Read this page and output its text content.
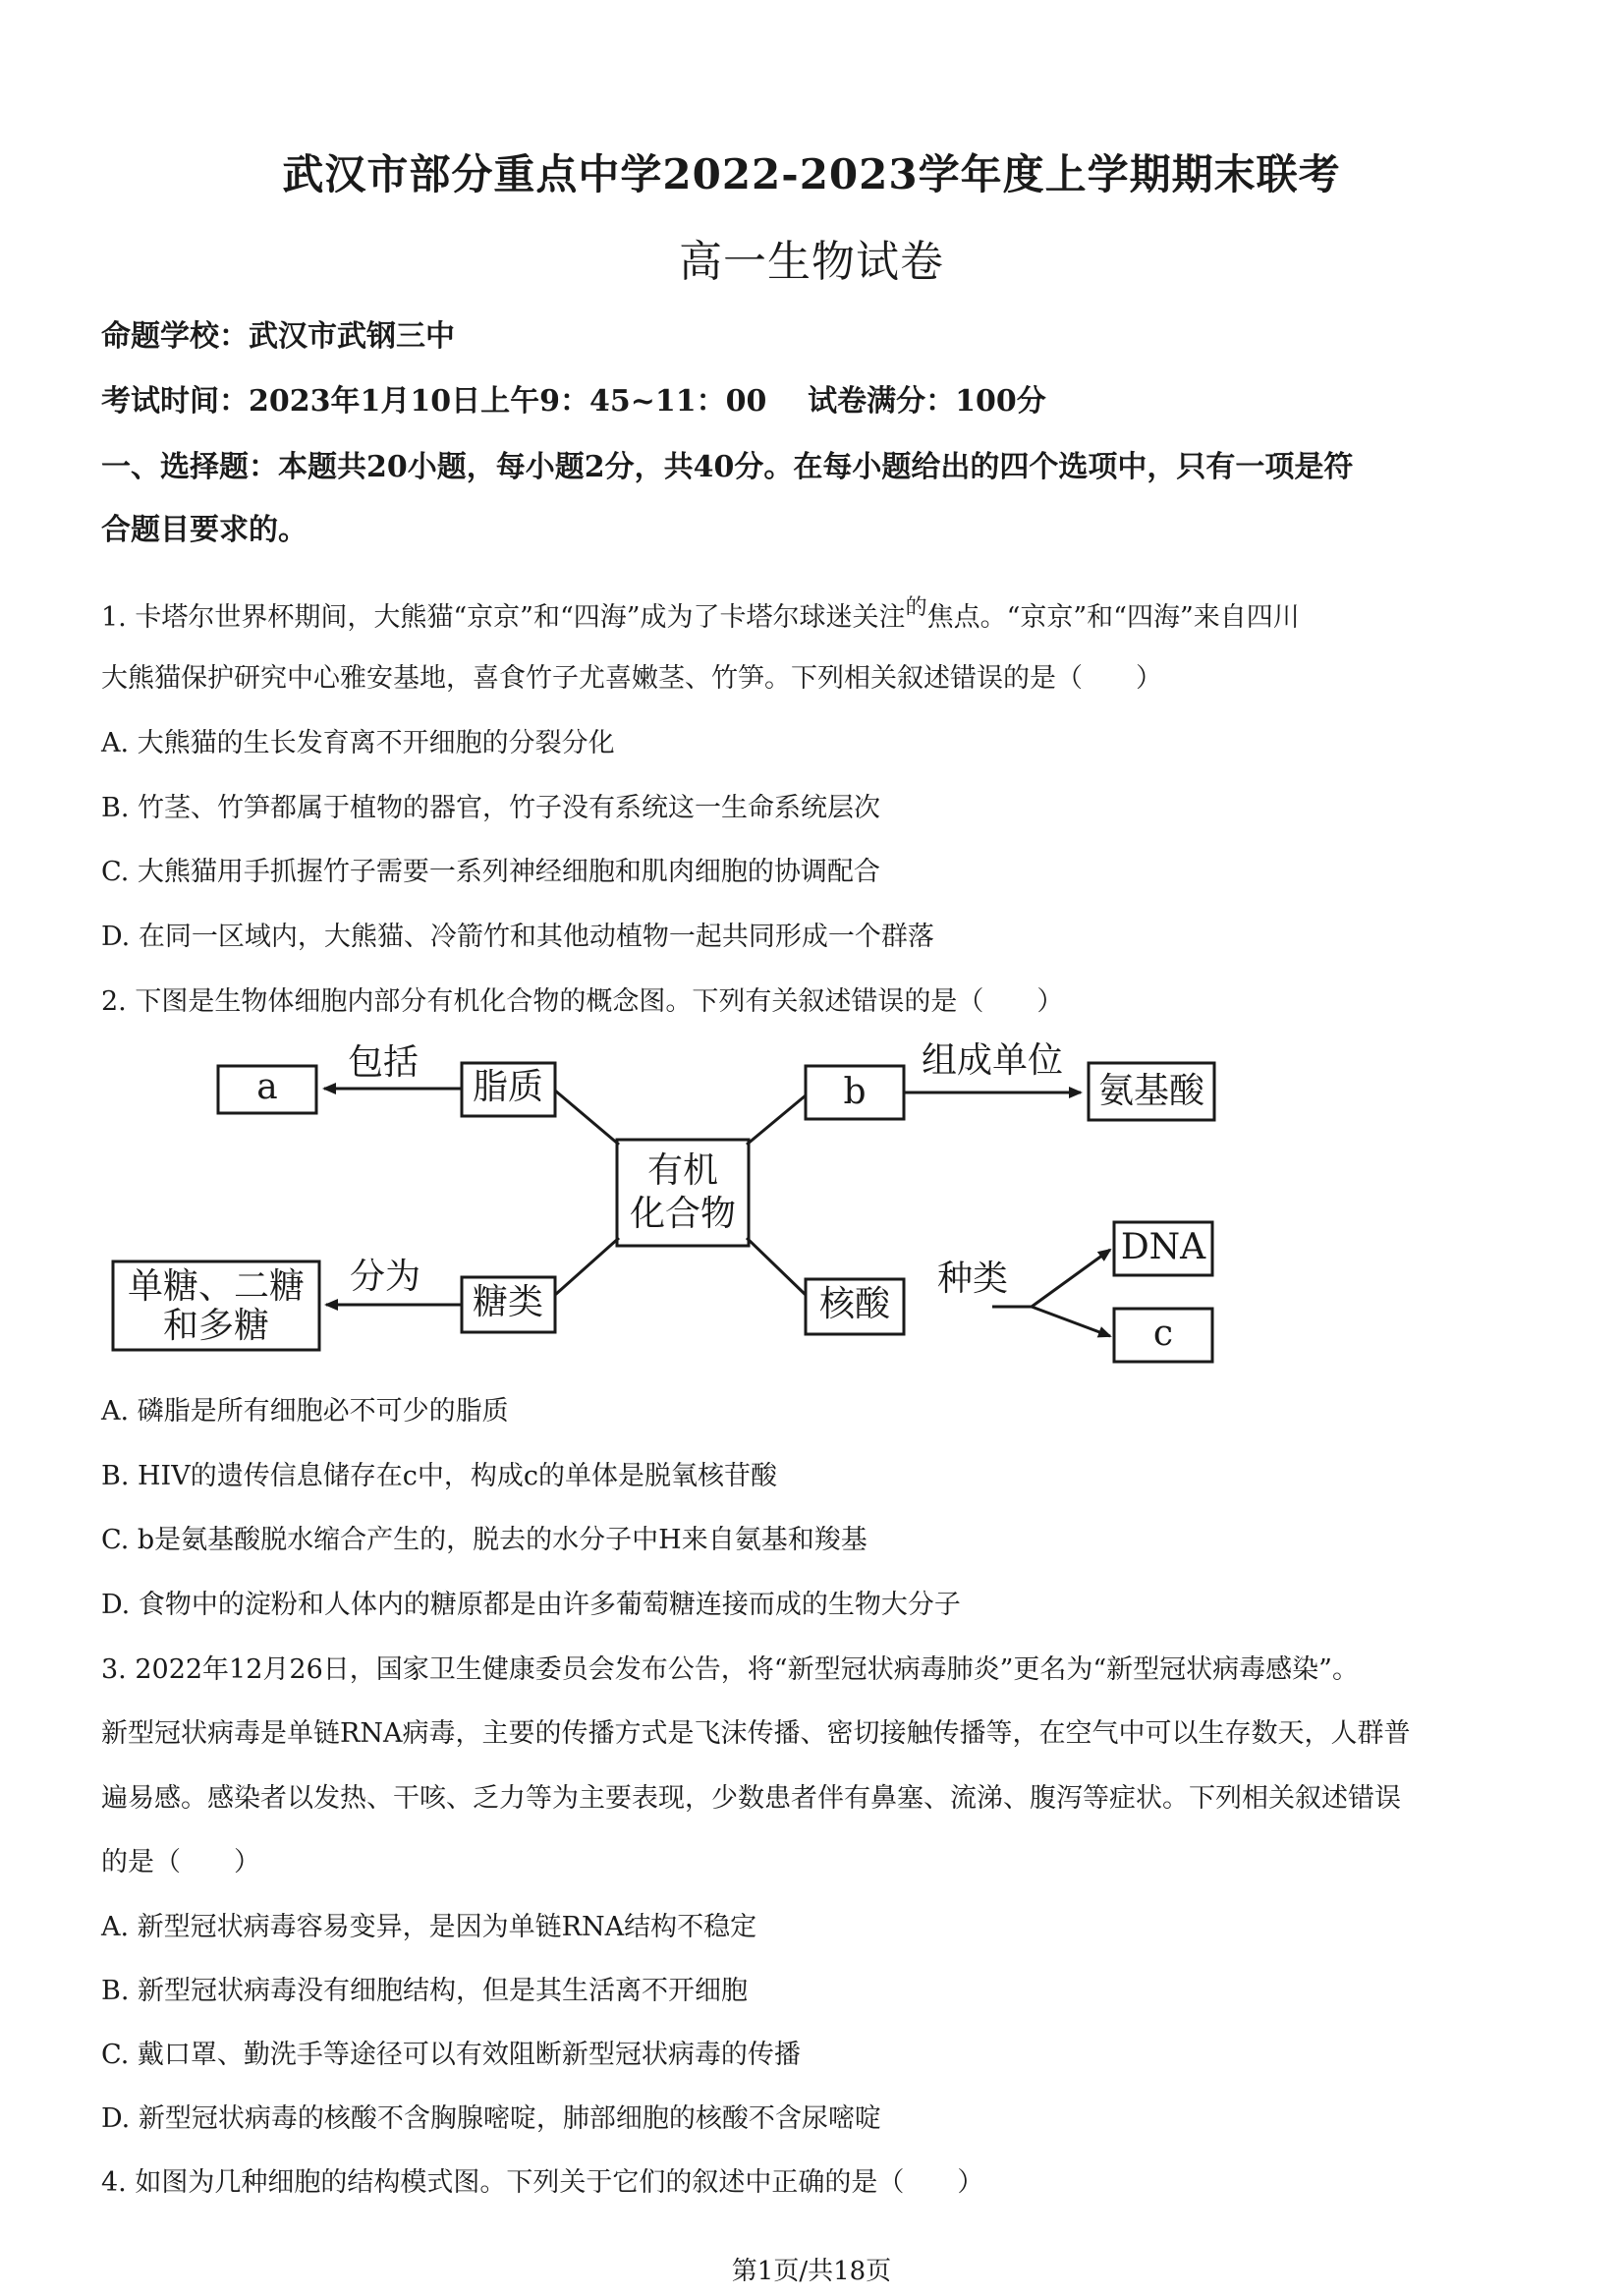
武汉市部分重点中学2022-2023学年度上学期期末联考
高一生物试卷
命题学校：武汉市武钢三中
考试时间：2023年1月10日上午9：45~11：00    试卷满分：100分
一、选择题：本题共20小题，每小题2分，共40分。在每小题给出的四个选项中，只有一项是符
合题目要求的。
1. 卡塔尔世界杯期间，大熊猫“京京”和“四海”成为了卡塔尔球迷关注$^的$焦点。“京京”和“四海”来自四川
大熊猫保护研究中心雅安基地，喜食竹子尤喜嫩茎、竹笋。下列相关叙述错误的是（　　）
A. 大熊猫的生长发育离不开细胞的分裂分化
B. 竹茎、竹笋都属于植物的器官，竹子没有系统这一生命系统层次
C. 大熊猫用手抓握竹子需要一系列神经细胞和肌肉细胞的协调配合
D. 在同一区域内，大熊猫、冷箭竹和其他动植物一起共同形成一个群落
2. 下图是生物体细胞内部分有机化合物的概念图。下列有关叙述错误的是（　　）
a	脂质
包括
有机
化合物
b
组成单位
氨基酸
单糖、二糖
和多糖
分为
糖类	核酸
种类
DNA
c
A. 磷脂是所有细胞必不可少的脂质
B. HIV的遗传信息储存在c中，构成c的单体是脱氧核苷酸
C. b是氨基酸脱水缩合产生的，脱去的水分子中H来自氨基和羧基
D. 食物中的淀粉和人体内的糖原都是由许多葡萄糖连接而成的生物大分子
3. 2022年12月26日，国家卫生健康委员会发布公告，将“新型冠状病毒肺炎”更名为“新型冠状病毒感染”。
新型冠状病毒是单链RNA病毒，主要的传播方式是飞沫传播、密切接触传播等，在空气中可以生存数天，人群普
遍易感。感染者以发热、干咳、乏力等为主要表现，少数患者伴有鼻塞、流涕、腹泻等症状。下列相关叙述错误
的是（　　）
A. 新型冠状病毒容易变异，是因为单链RNA结构不稳定
B. 新型冠状病毒没有细胞结构，但是其生活离不开细胞
C. 戴口罩、勤洗手等途径可以有效阻断新型冠状病毒的传播
D. 新型冠状病毒的核酸不含胸腺嘧啶，肺部细胞的核酸不含尿嘧啶
4. 如图为几种细胞的结构模式图。下列关于它们的叙述中正确的是（　　）
第1页/共18页
